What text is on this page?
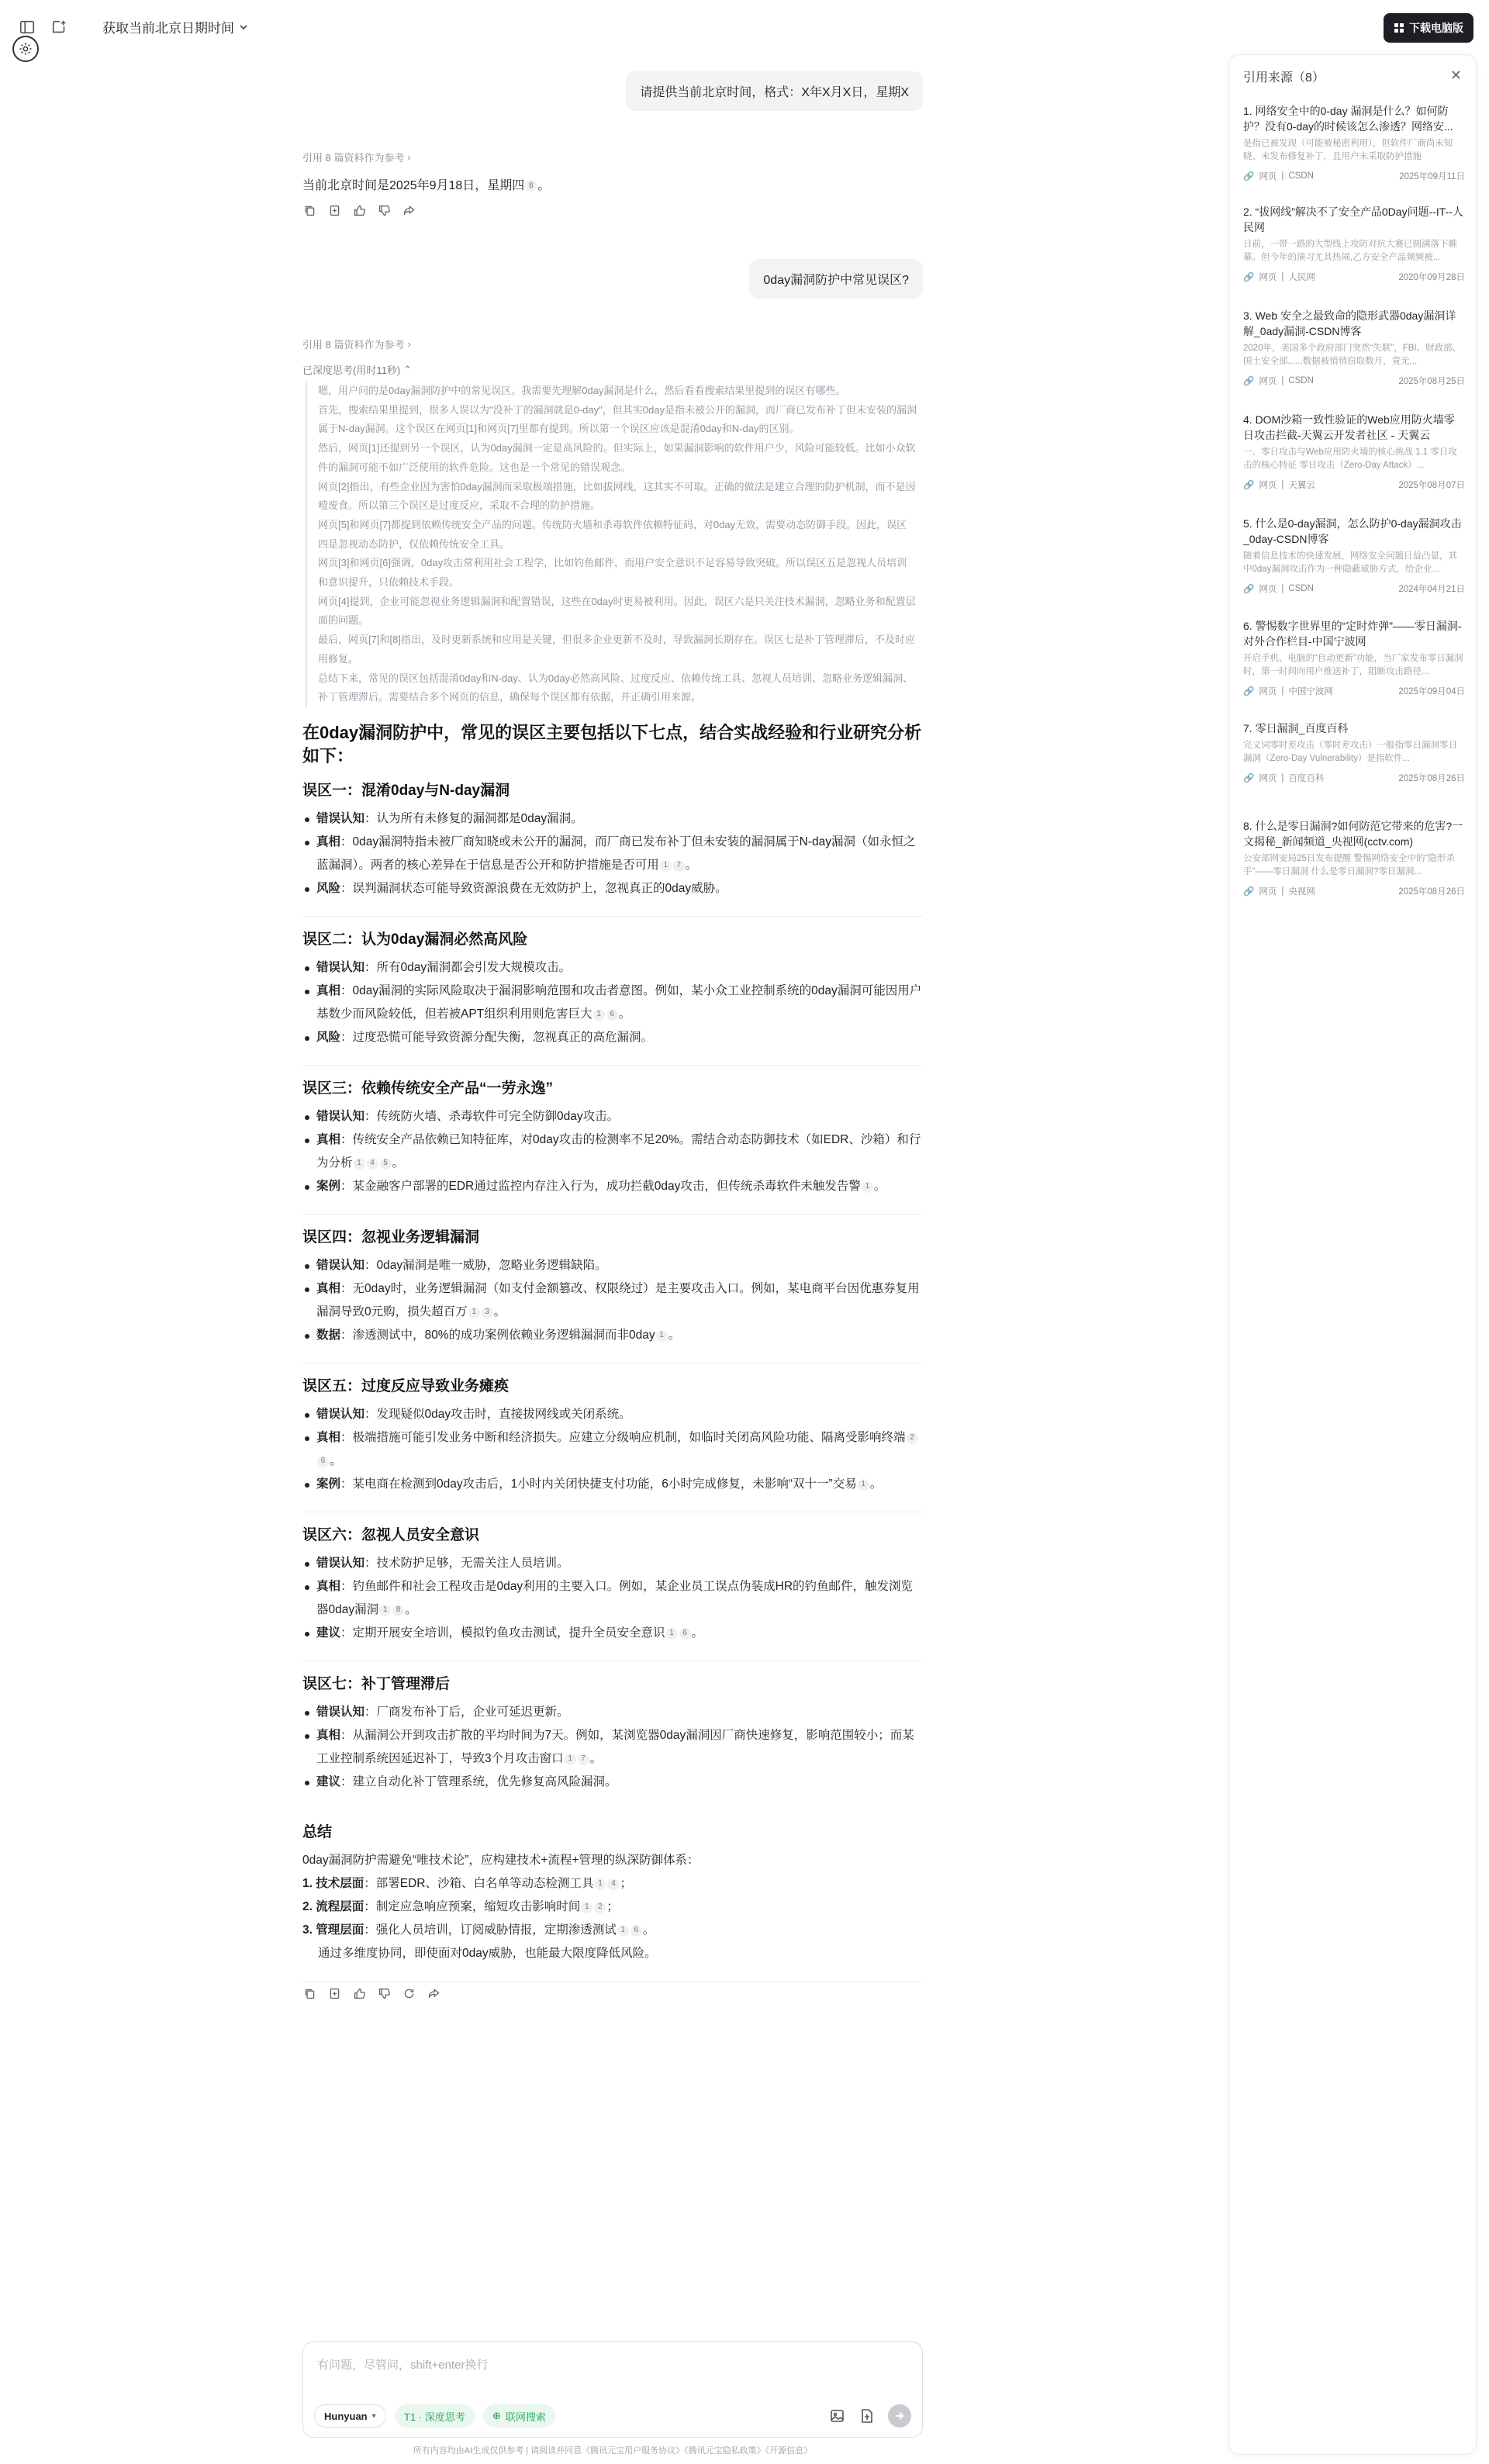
获取当前北京日期时间	下载电脑版
请提供当前北京时间，格式：X年X月X日，星期X
引用 8 篇资料作为参考 ›
当前北京时间是2025年9月18日，星期四 8 。
0day漏洞防护中常见误区?
引用 8 篇资料作为参考 ›
已深度思考(用时11秒) ⌃

嗯，用户问的是0day漏洞防护中的常见误区。我需要先理解0day漏洞是什么，然后看看搜索结果里提到的误区有哪些。

首先，搜索结果里提到，很多人误以为"没补丁的漏洞就是0-day"，但其实0day是指未被公开的漏洞，而厂商已发布补丁但未安装的漏洞属于N-day漏洞。这个误区在网页[1]和网页[7]里都有提到。所以第一个误区应该是混淆0day和N-day的区别。

然后，网页[1]还提到另一个误区，认为0day漏洞一定是高风险的。但实际上，如果漏洞影响的软件用户少，风险可能较低。比如小众软件的漏洞可能不如广泛使用的软件危险。这也是一个常见的错误观念。

网页[2]指出，有些企业因为害怕0day漏洞而采取极端措施，比如拔网线，这其实不可取。正确的做法是建立合理的防护机制，而不是因噎废食。所以第三个误区是过度反应，采取不合理的防护措施。

网页[5]和网页[7]都提到依赖传统安全产品的问题。传统防火墙和杀毒软件依赖特征码，对0day无效，需要动态防御手段。因此，误区四是忽视动态防护，仅依赖传统安全工具。

网页[3]和网页[6]强调，0day攻击常利用社会工程学，比如钓鱼邮件，而用户安全意识不足容易导致突破。所以误区五是忽视人员培训和意识提升，只依赖技术手段。

网页[4]提到，企业可能忽视业务逻辑漏洞和配置错误，这些在0day时更易被利用。因此，误区六是只关注技术漏洞，忽略业务和配置层面的问题。

最后，网页[7]和[8]指出，及时更新系统和应用是关键，但很多企业更新不及时，导致漏洞长期存在。误区七是补丁管理滞后，不及时应用修复。

总结下来，常见的误区包括混淆0day和N-day、认为0day必然高风险、过度反应、依赖传统工具、忽视人员培训、忽略业务逻辑漏洞、补丁管理滞后。需要结合多个网页的信息，确保每个误区都有依据，并正确引用来源。

在0day漏洞防护中，常见的误区主要包括以下七点，结合实战经验和行业研究分析如下：
误区一：混淆0day与N-day漏洞
错误认知：认为所有未修复的漏洞都是0day漏洞。
真相：0day漏洞特指未被厂商知晓或未公开的漏洞，而厂商已发布补丁但未安装的漏洞属于N-day漏洞（如永恒之蓝漏洞）。两者的核心差异在于信息是否公开和防护措施是否可用 1 7 。
风险：误判漏洞状态可能导致资源浪费在无效防护上，忽视真正的0day威胁。
误区二：认为0day漏洞必然高风险
错误认知：所有0day漏洞都会引发大规模攻击。
真相：0day漏洞的实际风险取决于漏洞影响范围和攻击者意图。例如，某小众工业控制系统的0day漏洞可能因用户基数少而风险较低，但若被APT组织利用则危害巨大 1 6 。
风险：过度恐慌可能导致资源分配失衡，忽视真正的高危漏洞。
误区三：依赖传统安全产品“一劳永逸”
错误认知：传统防火墙、杀毒软件可完全防御0day攻击。
真相：传统安全产品依赖已知特征库，对0day攻击的检测率不足20%。需结合动态防御技术（如EDR、沙箱）和行为分析 1 4 5 。
案例：某金融客户部署的EDR通过监控内存注入行为，成功拦截0day攻击，但传统杀毒软件未触发告警 1 。
误区四：忽视业务逻辑漏洞
错误认知：0day漏洞是唯一威胁，忽略业务逻辑缺陷。
真相：无0day时，业务逻辑漏洞（如支付金额篡改、权限绕过）是主要攻击入口。例如，某电商平台因优惠券复用漏洞导致0元购，损失超百万 1 3 。
数据：渗透测试中，80%的成功案例依赖业务逻辑漏洞而非0day 1 。
误区五：过度反应导致业务瘫痪
错误认知：发现疑似0day攻击时，直接拔网线或关闭系统。
真相：极端措施可能引发业务中断和经济损失。应建立分级响应机制，如临时关闭高风险功能、隔离受影响终端 26 。
案例：某电商在检测到0day攻击后，1小时内关闭快捷支付功能，6小时完成修复，未影响“双十一”交易 1 。
误区六：忽视人员安全意识
错误认知：技术防护足够，无需关注人员培训。
真相：钓鱼邮件和社会工程攻击是0day利用的主要入口。例如，某企业员工误点伪装成HR的钓鱼邮件，触发浏览器0day漏洞 1 8 。
建议：定期开展安全培训，模拟钓鱼攻击测试，提升全员安全意识 1 6 。
误区七：补丁管理滞后
错误认知：厂商发布补丁后，企业可延迟更新。
真相：从漏洞公开到攻击扩散的平均时间为7天。例如，某浏览器0day漏洞因厂商快速修复，影响范围较小；而某工业控制系统因延迟补丁，导致3个月攻击窗口 1 7 。
建议：建立自动化补丁管理系统，优先修复高风险漏洞。
总结
0day漏洞防护需避免“唯技术论”，应构建技术+流程+管理的纵深防御体系：
1. 技术层面：部署EDR、沙箱、白名单等动态检测工具 1 4 ；
2. 流程层面：制定应急响应预案，缩短攻击影响时间 1 2 ；
3. 管理层面：强化人员培训，订阅威胁情报，定期渗透测试 1 6 。
通过多维度协同，即使面对0day威胁，也能最大限度降低风险。
有问题，尽管问，shift+enter换行
Hunyuan ▾	T1 · 深度思考	⊕ 联网搜索
所有内容均由AI生成仅供参考 | 请阅读并同意《腾讯元宝用户服务协议》《腾讯元宝隐私政策》《开源信息》
引用来源（8）	✕
1. 网络安全中的0-day 漏洞是什么？如何防护？没有0-day的时候该怎么渗透？网络安...
是指已被发现（可能被秘密利用），但软件厂商尚未知晓、未发布修复补丁，且用户未采取防护措施
🔗 网页 | CSDN	2025年09月11日
2. “拔网线”解决不了安全产品0Day问题--IT--人民网
日前，一带一路的大型线上攻防对抗大赛已圆满落下帷幕。但今年的演习尤其热闹,乙方安全产品频频被...
🔗 网页 | 人民网	2020年09月28日
3. Web 安全之最致命的隐形武器0day漏洞详解_0ady漏洞-CSDN博客
2020年，美国多个政府部门突然“失联”，FBI、财政部、国土安全部......数据被悄悄窃取数月，竟无...
🔗 网页 | CSDN	2025年08月25日
4. DOM沙箱一致性验证的Web应用防火墙零日攻击拦截-天翼云开发者社区 - 天翼云
一、零日攻击与Web应用防火墙的核心挑战 1.1 零日攻击的核心特征 零日攻击（Zero-Day Attack）...
🔗 网页 | 天翼云	2025年08月07日
5. 什么是0-day漏洞，怎么防护0-day漏洞攻击_0day-CSDN博客
随着信息技术的快速发展，网络安全问题日益凸显，其中0day漏洞攻击作为一种隐蔽威胁方式，给企业...
🔗 网页 | CSDN	2024年04月21日
6. 警惕数字世界里的“定时炸弹”——零日漏洞-对外合作栏目-中国宁波网
开启手机、电脑的“自动更新”功能，当厂家发布零日漏洞时，第一时间向用户推送补丁，阻断攻击路径...
🔗 网页 | 中国宁波网	2025年09月04日
7. 零日漏洞_百度百科
完义词零时差攻击（零时差攻击）一般指零日漏洞零日漏洞（Zero-Day Vulnerability）是指软件...
🔗 网页 | 百度百科	2025年08月26日
8. 什么是零日漏洞?如何防范它带来的危害?一文揭秘_新闻频道_央视网(cctv.com)
公安部网安局25日发布提醒 警惕网络安全中的“隐形杀手”——零日漏洞 什么是零日漏洞?零日漏洞...
🔗 网页 | 央视网	2025年08月26日
